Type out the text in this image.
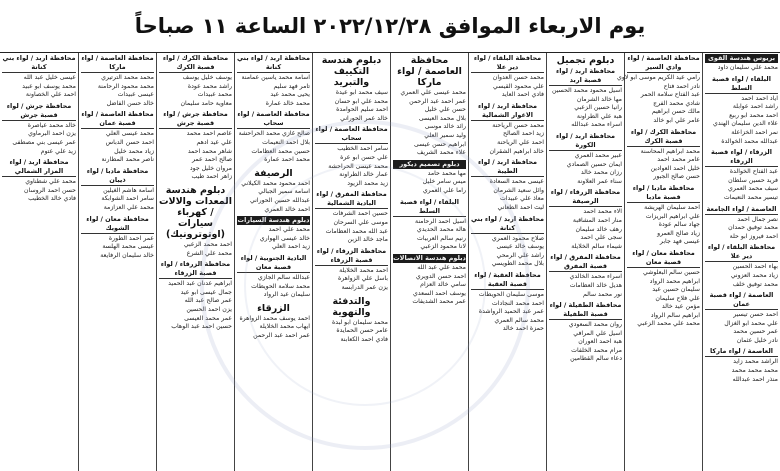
يوم الاربعاء الموافق ٢٠٢٢/١٢/٢٨ الساعة ١١ صباحاً
بريوس هندسة القوى
محمد علي سليمان داود
البلقاء / لواء قصبة السلط
اياد احمد احمد
راشد احمد عوابلة
احمد محمد ابو ربيع
علاء الدين سليمان الهندي
نمر احمد الخزاعلة
عبدالله محمد الخوالدة
الزرقاء / لواء قصبة الزرقاء
عبد الفتاح الخوالدة
فريد حسين سلطان
سيف محمد العمري
تيسير محمد النعيمات
العاصمة / لواء الجامعة
نصر جمال احمد
محمد توفيق حمدان
احمد فيروز ابو حلة
محافظة البلقاء / لواء دير علا
بهاء احمد الحسين
زياد محمد العزوني
محمد توفيق خلف
العاصمة / لواء قصبة عمان
احمد حسن تيسير
علي محمد ابو الغزال
عمر حسين محمد
نادر خليل عثمان
العاصمة / لواء ماركا
الراشد محمد زايد
محمد محمد محمد
منذر احمد عبدالله
محافظة العاصمة / لواء وادي السير
رامي عيد الكريم موسى ابو لاوي
نادر احمد فتاح
عبد الفتاح سلامة الحمر
شادي محمد الفرج
مالك حسن ابراهيم
عامر علي ابو خالد
محافظة الكرك / لواء قصبة الكرك
محمد ابراهيم المحاسنة
عامر محمد احمد
خليل احمد العوادين
حسن صالح الجبور
محافظة مادبا / لواء قصبة مادبا
احمد سليمان الهريشة
علي ابراهيم البريزات
جهاد سالم عودة
زياد صالح العمرو
عيسى فهد جابر
محافظة معان / لواء قصبة معان
حسين سالم البعلوشي
ابراهيم محمد الرواد
سليمان حسين عيد
علي فلاح سليمان
مؤمن عيد خالد
ابراهيم سالم الرواد
محمد علي محمد الزعبي
دبلوم تجميل
محافظة اربد / لواء قصبة اربد
اسيل محمود محمد الحسين
مها خالد الشرمان
رانيا حسين الزعبي
هبة علي الطراونة
اسراء محمد عبدالله
محافظة اربد / لواء الكورة
عبير محمد العمري
ايمان حسين الصمادي
رزان محمد خالد
سناء عمر العلاونة
محافظة الزرقاء / لواء الرصيفة
الاء محمد احمد
منار احمد المشاقبة
رهف خالد سليمان
سجى علي احمد
شيماء سالم الخلايلة
محافظة المفرق / لواء قصبة المفرق
اسراء محمد الخالدي
هديل خالد العظامات
نور محمد سالم
محافظة الطفيلة / لواء قصبة الطفيلة
روان محمد السعودي
اسيل علي المرافي
هبة احمد العوران
مرام محمد الخلفات
دعاء سالم القطامين
محافظة البلقاء / لواء دير علا
محمد حسن العدوان
علي محمود القيسي
فادي احمد العايد
محافظة اربد / لواء الاغوار الشمالية
محمد حسن الرياحنة
زيد احمد الصالح
احمد علي الرياحنة
خالد ابراهيم الشقران
محافظة اربد / لواء الطيبة
عيسى محمد السعادة
وائل سعيد الشرمان
معاذ علي عبيدات
ليث احمد الطعاني
محافظة اربد / لواء بني كنانة
صلاح محمود العمري
يوسف خالد عيسى
راشد علي الرمحي
بلال محمد الطويسي
محافظة العقبة / لواء قصبة العقبة
موسى سليمان الحويطات
احمد محمد النجادات
عمر عبد الحميد الرواشدة
محمد سالم العمري
حمزة احمد خالد
محافظة العاصمة / لواء ماركا
محمد عيسى علي العمري
عمر احمد عبد الرحمن
حسن علي خليل
بلال محمد العيسى
رائد خالد موسى
وليد سمير العلي
ابراهيم حسن عيسى
علاء محمد الشريف
دبلوم تصميم ديكور
مها محمد حامد
ميس سامر خليل
راما علي العمري
البلقاء / لواء قصبة السلط
اسيل احمد الرحامنة
هالة محمد الحديدي
رنيم سالم العربيات
لانا محمود الزعبي
دبلوم هندسة الاتصالات
محمد علي عبد الله
احمد حسن الدويري
سامي خالد العزام
يوسف احمد السعدي
عمر محمد الشديفات
دبلوم هندسة التكييف والتبريد
سيف محمد ابو عيدة
محمد علي ابو حسان
احمد سليم الحوامدة
خالد عمر الحوراني
محافظة العاصمة / لواء سحاب
سامر احمد الخطيب
علي حسن ابو عرة
محمد عيسى الحراحشة
عمار خالد الطراونة
زيد محمد الزيود
محافظة المفرق / لواء البادية الشمالية
حسين احمد الشرفات
موسى علي السرحان
عبد الله محمد العظامات
ماجد خالد الزبن
محافظة الزرقاء / لواء قصبة الزرقاء
احمد محمد الخلايلة
باسل علي الزواهرة
يزن عمر الدرابسة
والتدفئة والتهوية
محمد سليمان ابو لبدة
عامر حسن الحمايدة
فادي احمد الكعابنة
محافظة اربد / لواء بني كنانة
اسامة محمد ياسين عمامنة
تامر فهد سليم
يحيى محمد عيد
محمد خالد عمارة
محافظة العاصمة / لواء سحاب
صالح غازي محمد الحراحشة
بلال احمد النعيمات
حسين محمد العظامات
محمد احمد عمارة
الرصيفة
احمد محمود محمد الكيلاني
اسامة سمير الجبالي
عبدالله حسين الحوراني
احمد خالد العمري
دبلوم هندسة السيارات
محمد علي احمد
خالد عيسى الهواري
زيد احمد العلي
البادية الجنوبية / لواء قصبة معان
عبدالله سالم الجازي
محمد سلامة الحويطات
سليمان عيد الرواد
الزرقاء
احمد يوسف محمد الزواهرة
ايهاب محمد الخلايلة
عمر احمد عبد الرحمن
محافظة الكرك / لواء قصبة الكرك
يوسف خليل يوسف
راشد محمد عودة
محمد عبيدات
معاوية حامد سليمان
محافظة جرش / لواء قصبة جرش
عاصم احمد محمد
علي عيد ادهم
شاهر محمد احمد
صالح احمد عمر
مروان خليل جود
زاهر احمد طيب
دبلوم هندسة المعدات والالات / كهرباء سيارات (اوتوترونيك)
احمد محمد الزعبي
محمد علي الشرع
محافظة الزرقاء / لواء قصبة الزرقاء
ابراهيم عدنان عبد الحميد
جمال عيسى ابو عيد
عمر صالح عبد الله
يزن احمد الحسين
عمر محمد العيسى
حسين احمد عبد الوهاب
محافظة العاصمة / لواء ماركا
محمد محمد الترتيري
محمد محمود الرحامنة
عيسى عبيدات
خالد حسن الفاضل
محافظة العاصمة / لواء قصبة عمان
محمد عيسى العلي
احمد حسن الدباس
زياد محمد خليل
ناصر محمد المطارنة
محافظة مادبا / لواء ذيبان
اسامة هاشم الغيلين
سامر احمد الشوابكة
محمد علي العزازمة
محافظة معان / لواء الشوبك
عمر احمد الطورة
عيسى محمد الهلسة
خالد سليمان الرفايعة
محافظة اربد / لواء بني كنانة
عيسى خليل عبد الله
محمد يوسف ابو عبيد
احمد علي الخصاونة
محافظة جرش / لواء قصبة جرش
خالد محمد عياصرة
يزن احمد البرماوي
عمر عيسى بني مصطفى
زيد علي عتوم
محافظة اربد / لواء المزار الشمالي
محمد علي شطناوي
حسن احمد الروسان
فادي خالد الخطيب
